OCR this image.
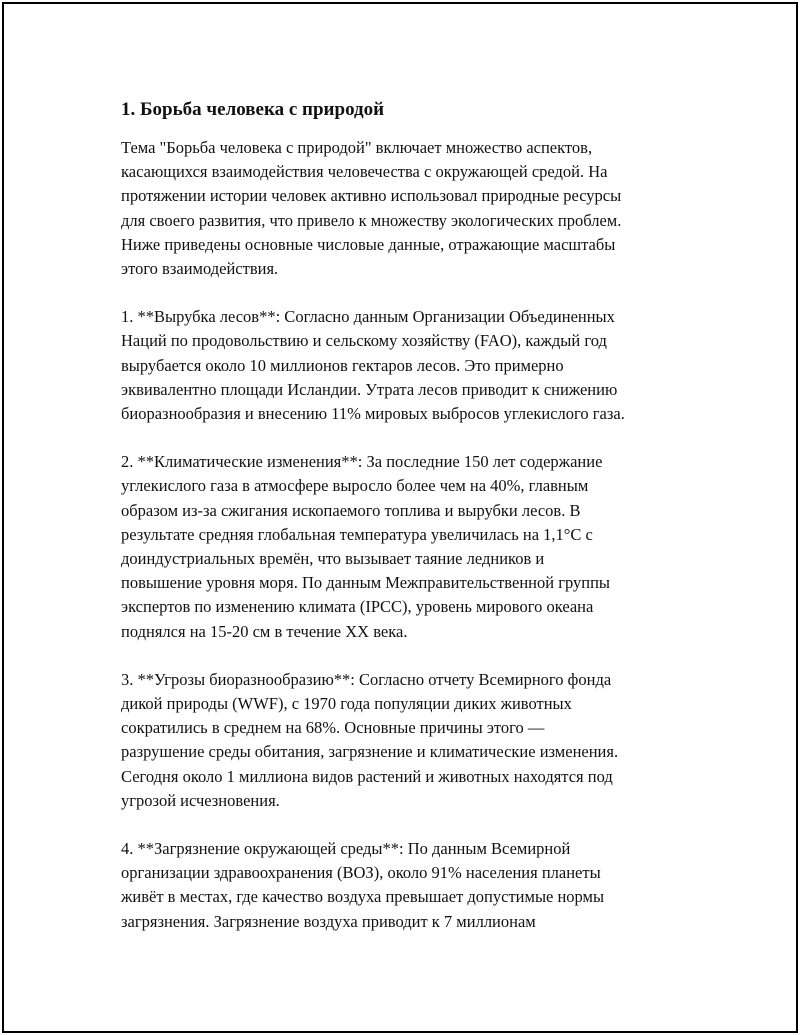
1. Борьба человека с природой
Тема "Борьба человека с природой" включает множество аспектов,
касающихся взаимодействия человечества с окружающей средой. На
протяжении истории человек активно использовал природные ресурсы
для своего развития, что привело к множеству экологических проблем.
Ниже приведены основные числовые данные, отражающие масштабы
этого взаимодействия.
1. **Вырубка лесов**: Согласно данным Организации Объединенных
Наций по продовольствию и сельскому хозяйству (FAO), каждый год
вырубается около 10 миллионов гектаров лесов. Это примерно
эквивалентно площади Исландии. Утрата лесов приводит к снижению
биоразнообразия и внесению 11% мировых выбросов углекислого газа.
2. **Климатические изменения**: За последние 150 лет содержание
углекислого газа в атмосфере выросло более чем на 40%, главным
образом из-за сжигания ископаемого топлива и вырубки лесов. В
результате средняя глобальная температура увеличилась на 1,1°C с
доиндустриальных времён, что вызывает таяние ледников и
повышение уровня моря. По данным Межправительственной группы
экспертов по изменению климата (IPCC), уровень мирового океана
поднялся на 15-20 см в течение XX века.
3. **Угрозы биоразнообразию**: Согласно отчету Всемирного фонда
дикой природы (WWF), с 1970 года популяции диких животных
сократились в среднем на 68%. Основные причины этого —
разрушение среды обитания, загрязнение и климатические изменения.
Сегодня около 1 миллиона видов растений и животных находятся под
угрозой исчезновения.
4. **Загрязнение окружающей среды**: По данным Всемирной
организации здравоохранения (ВОЗ), около 91% населения планеты
живёт в местах, где качество воздуха превышает допустимые нормы
загрязнения. Загрязнение воздуха приводит к 7 миллионам
